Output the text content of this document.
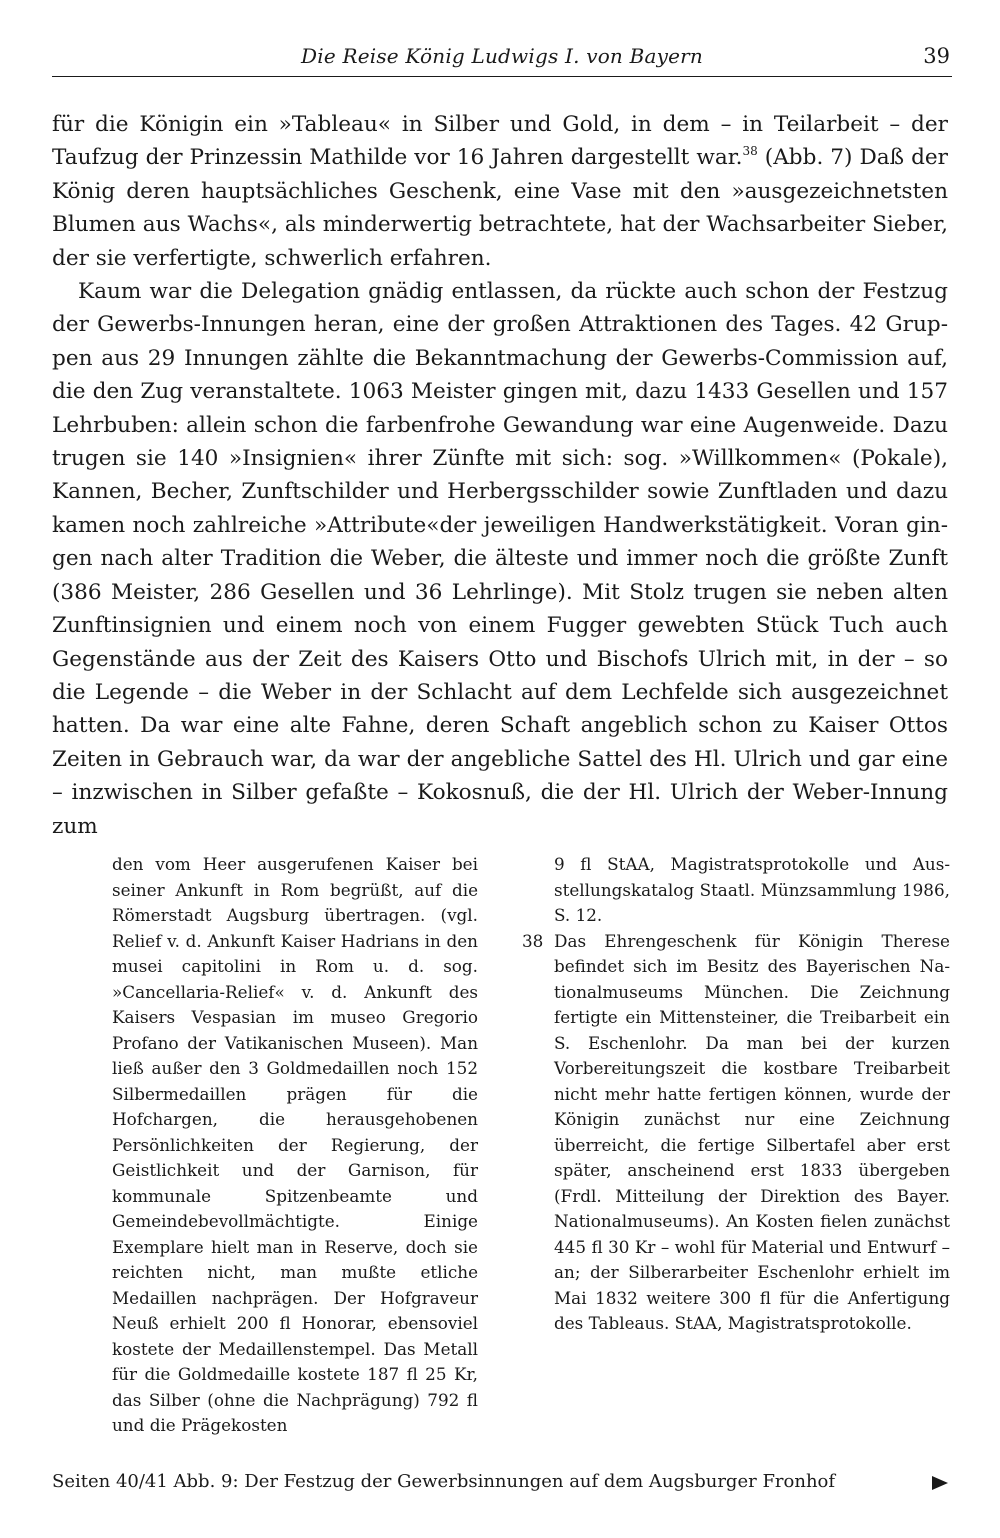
Die Reise König Ludwigs I. von Bayern	39

für die Königin ein »Tableau« in Silber und Gold, in dem – in Teilarbeit – der Taufzug der Prinzessin Mathilde vor 16 Jahren dargestellt war.$^{38}$ (Abb. 7) Daß der König deren hauptsächliches Geschenk, eine Vase mit den »ausgezeichnetsten Blumen aus Wachs«, als minderwertig betrachtete, hat der Wachsarbeiter Sieber, der sie verfertigte, schwerlich erfahren.

Kaum war die Delegation gnädig entlassen, da rückte auch schon der Festzug der Gewerbs-Innungen heran, eine der großen Attraktionen des Tages. 42 Gruppen aus 29 Innungen zählte die Bekanntmachung der Gewerbs-Commission auf, die den Zug veranstaltete. 1063 Meister gingen mit, dazu 1433 Gesellen und 157 Lehrbuben: allein schon die farbenfrohe Gewandung war eine Augenweide. Dazu trugen sie 140 »Insignien« ihrer Zünfte mit sich: sog. »Willkommen« (Pokale), Kannen, Becher, Zunftschilder und Herbergsschilder sowie Zunftladen und dazu kamen noch zahlreiche »Attribute«der jeweiligen Handwerkstätigkeit. Voran gingen nach alter Tradition die Weber, die älteste und immer noch die größte Zunft (386 Meister, 286 Gesellen und 36 Lehrlinge). Mit Stolz trugen sie neben alten Zunftinsignien und einem noch von einem Fugger gewebten Stück Tuch auch Gegenstände aus der Zeit des Kaisers Otto und Bischofs Ulrich mit, in der – so die Legende – die Weber in der Schlacht auf dem Lechfelde sich ausgezeichnet hatten. Da war eine alte Fahne, deren Schaft angeblich schon zu Kaiser Ottos Zeiten in Gebrauch war, da war der angebliche Sattel des Hl. Ulrich und gar eine – inzwischen in Silber gefaßte – Kokosnuß, die der Hl. Ulrich der Weber-Innung zum

den vom Heer ausgerufenen Kaiser bei seiner Ankunft in Rom begrüßt, auf die Römerstadt Augsburg übertragen. (vgl. Relief v. d. Ankunft Kaiser Hadrians in den musei capitolini in Rom u. d. sog. »Cancellaria-Relief« v. d. Ankunft des Kaisers Vespasian im museo Gregorio Profano der Vatikanischen Museen). Man ließ außer den 3 Goldmedaillen noch 152 Silbermedaillen prägen für die Hofchargen, die herausgehobenen Persönlichkeiten der Regierung, der Geistlichkeit und der Garnison, für kommunale Spitzenbeamte und Gemeindebevollmächtigte. Einige Exemplare hielt man in Reserve, doch sie reichten nicht, man mußte etliche Medaillen nachprägen. Der Hofgraveur Neuß erhielt 200 fl Honorar, ebensoviel kostete der Medaillenstempel. Das Metall für die Goldmedaille kostete 187 fl 25 Kr, das Silber (ohne die Nachprägung) 792 fl und die Prägekosten

9 fl StAA, Magistratsprotokolle und Ausstellungskatalog Staatl. Münzsammlung 1986, S. 12.

38 Das Ehrengeschenk für Königin Therese befindet sich im Besitz des Bayerischen Nationalmuseums München. Die Zeichnung fertigte ein Mittensteiner, die Treibarbeit ein S. Eschenlohr. Da man bei der kurzen Vorbereitungszeit die kostbare Treibarbeit nicht mehr hatte fertigen können, wurde der Königin zunächst nur eine Zeichnung überreicht, die fertige Silbertafel aber erst später, anscheinend erst 1833 übergeben (Frdl. Mitteilung der Direktion des Bayer. Nationalmuseums). An Kosten fielen zunächst 445 fl 30 Kr – wohl für Material und Entwurf – an; der Silberarbeiter Eschenlohr erhielt im Mai 1832 weitere 300 fl für die Anfertigung des Tableaus. StAA, Magistratsprotokolle.
Seiten 40/41 Abb. 9: Der Festzug der Gewerbsinnungen auf dem Augsburger Fronhof
